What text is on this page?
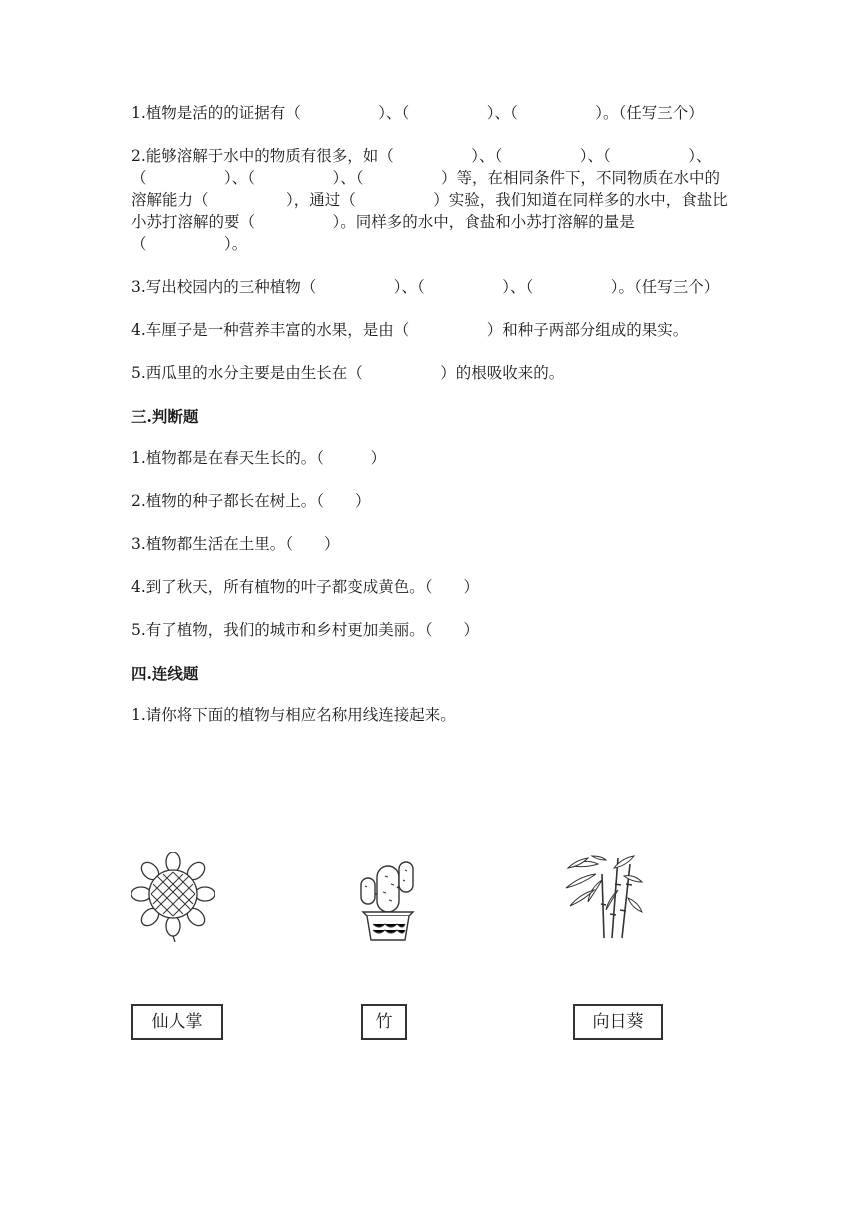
1.植物是活的的证据有（　　　　　）、（　　　　　）、（　　　　　）。（任写三个）

2.能够溶解于水中的物质有很多，如（　　　　　）、（　　　　　）、（　　　　　）、（　　　　　）、（　　　　　）、（　　　　　）等，在相同条件下，不同物质在水中的溶解能力（　　　　　），通过（　　　　　）实验，我们知道在同样多的水中，食盐比小苏打溶解的要（　　　　　）。同样多的水中，食盐和小苏打溶解的量是（　　　　　）。

3.写出校园内的三种植物（　　　　　）、（　　　　　）、（　　　　　）。（任写三个）

4.车厘子是一种营养丰富的水果，是由（　　　　　）和种子两部分组成的果实。

5.西瓜里的水分主要是由生长在（　　　　　）的根吸收来的。

三.判断题

1.植物都是在春天生长的。（　　　）

2.植物的种子都长在树上。（　　）

3.植物都生活在土里。（　　）

4.到了秋天，所有植物的叶子都变成黄色。（　　）

5.有了植物，我们的城市和乡村更加美丽。（　　）

四.连线题

1.请你将下面的植物与相应名称用线连接起来。

仙人掌	竹	向日葵
